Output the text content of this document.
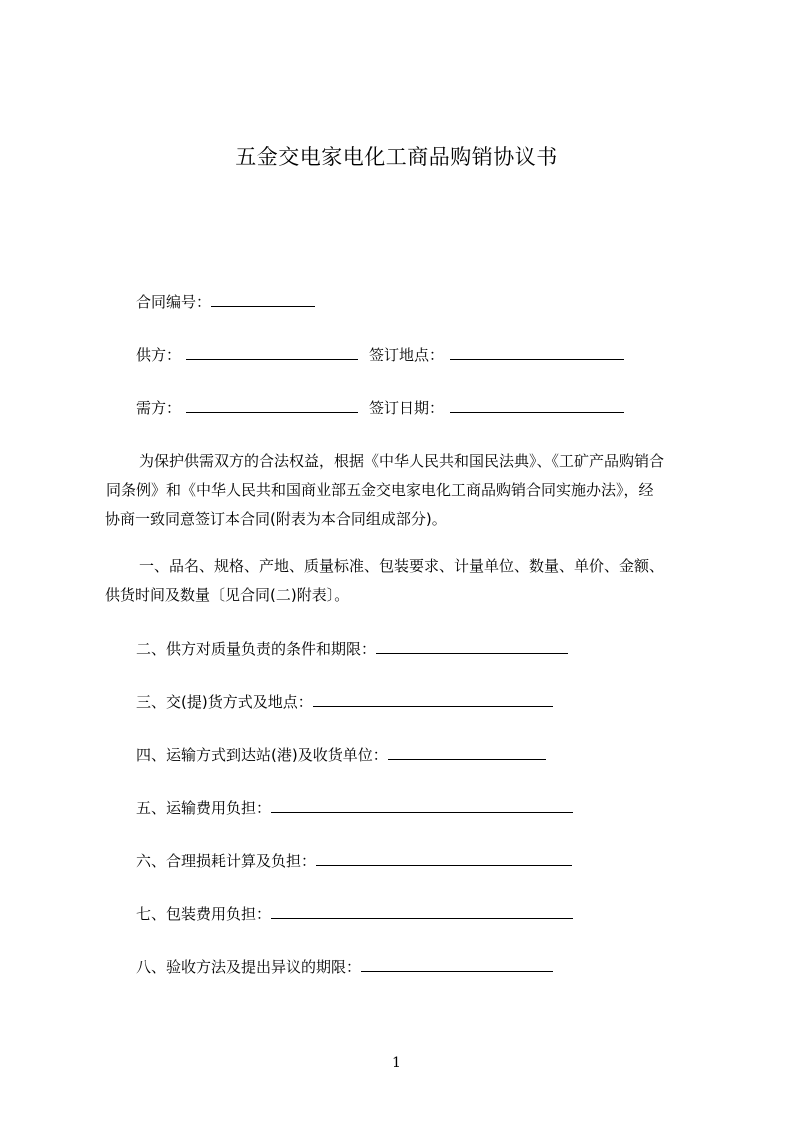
五金交电家电化工商品购销协议书
合同编号：
供方：	签订地点：
需方：	签订日期：

为保护供需双方的合法权益，根据《中华人民共和国民法典》、《工矿产品购销合

同条例》和《中华人民共和国商业部五金交电家电化工商品购销合同实施办法》，经

协商一致同意签订本合同(附表为本合同组成部分)。

一、品名、规格、产地、质量标准、包装要求、计量单位、数量、单价、金额、

供货时间及数量〔见合同(二)附表〕。

二、供方对质量负责的条件和期限：
三、交(提)货方式及地点：
四、运输方式到达站(港)及收货单位：
五、运输费用负担：
六、合理损耗计算及负担：
七、包装费用负担：
八、验收方法及提出异议的期限：
1
